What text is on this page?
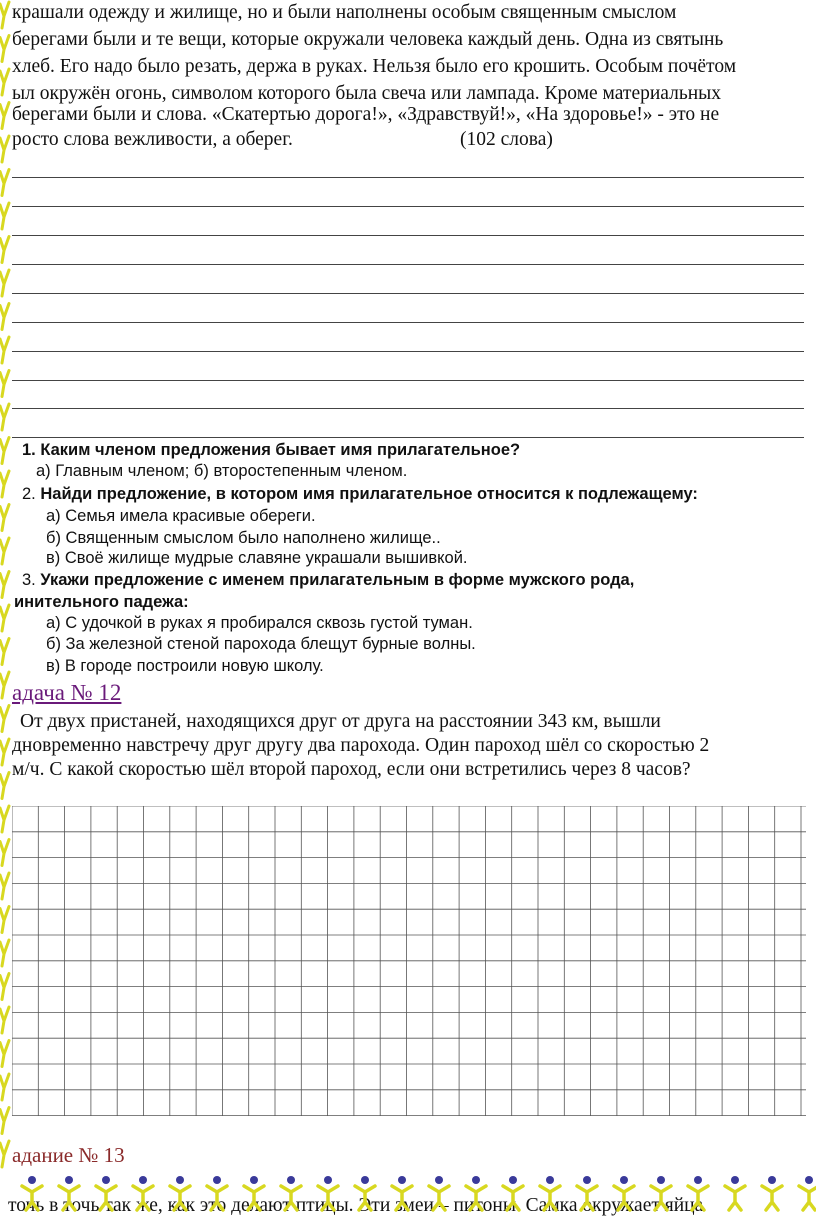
крашали одежду и жилище, но и были наполнены особым священным смыслом
берегами были и те вещи, которые окружали человека каждый день. Одна из святынь
хлеб. Его надо было резать, держа в руках. Нельзя было его крошить. Особым почётом
ыл окружён огонь, символом которого была свеча или лампада. Кроме материальных
берегами были и слова. «Скатертью дорога!», «Здравствуй!», «На здоровье!» - это не
росто слова вежливости, а оберег.	(102 слова)
1. Каким членом предложения бывает имя прилагательное?
а) Главным членом; б) второстепенным членом.
2. Найди предложение, в котором имя прилагательное относится к подлежащему:
а) Семья имела красивые обереги.
б) Священным смыслом было наполнено жилище..
в) Своё жилище мудрые славяне украшали вышивкой.
3. Укажи предложение с именем прилагательным в форме мужского рода,
инительного падежа:
а) С удочкой в руках я пробирался сквозь густой туман.
б) За железной стеной парохода блещут бурные волны.
в) В городе построили новую школу.
адача № 12
От двух пристаней, находящихся друг от друга на расстоянии 343 км, вышли
дновременно навстречу друг другу два парохода. Один пароход шёл со скоростью 2
м/ч. С какой скоростью шёл второй пароход, если они встретились через 8 часов?
адание № 13
точь в точь так же, как это делают птицы. Эти змеи – питоны. Самка окружает яйца
